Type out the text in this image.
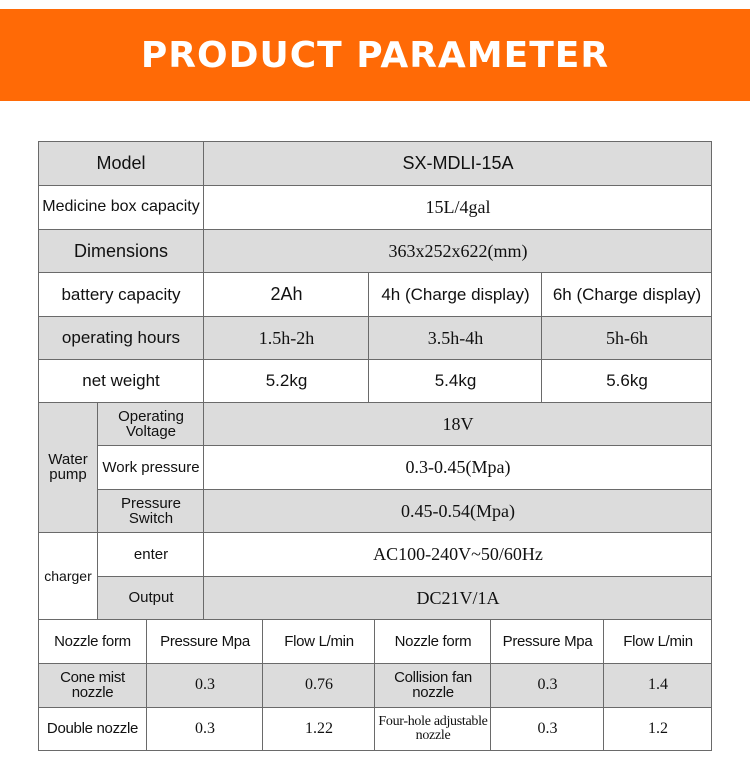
PRODUCT PARAMETER
Model	SX-MDLI-15A
Medicine box capacity	15L/4gal
Dimensions	363x252x622(mm)
battery capacity	2Ah	4h (Charge display)	6h (Charge display)
operating hours	1.5h-2h	3.5h-4h	5h-6h
net weight	5.2kg	5.4kg	5.6kg
Water pump
Operating Voltage	18V
Work pressure	0.3-0.45(Mpa)
Pressure Switch	0.45-0.54(Mpa)
charger
enter	AC100-240V~50/60Hz
Output	DC21V/1A
Nozzle form	Pressure Mpa	Flow L/min	Nozzle form	Pressure Mpa	Flow L/min
Cone mist nozzle	0.3	0.76	Collision fan nozzle	0.3	1.4
Double nozzle	0.3	1.22	Four-hole adjustable nozzle	0.3	1.2
